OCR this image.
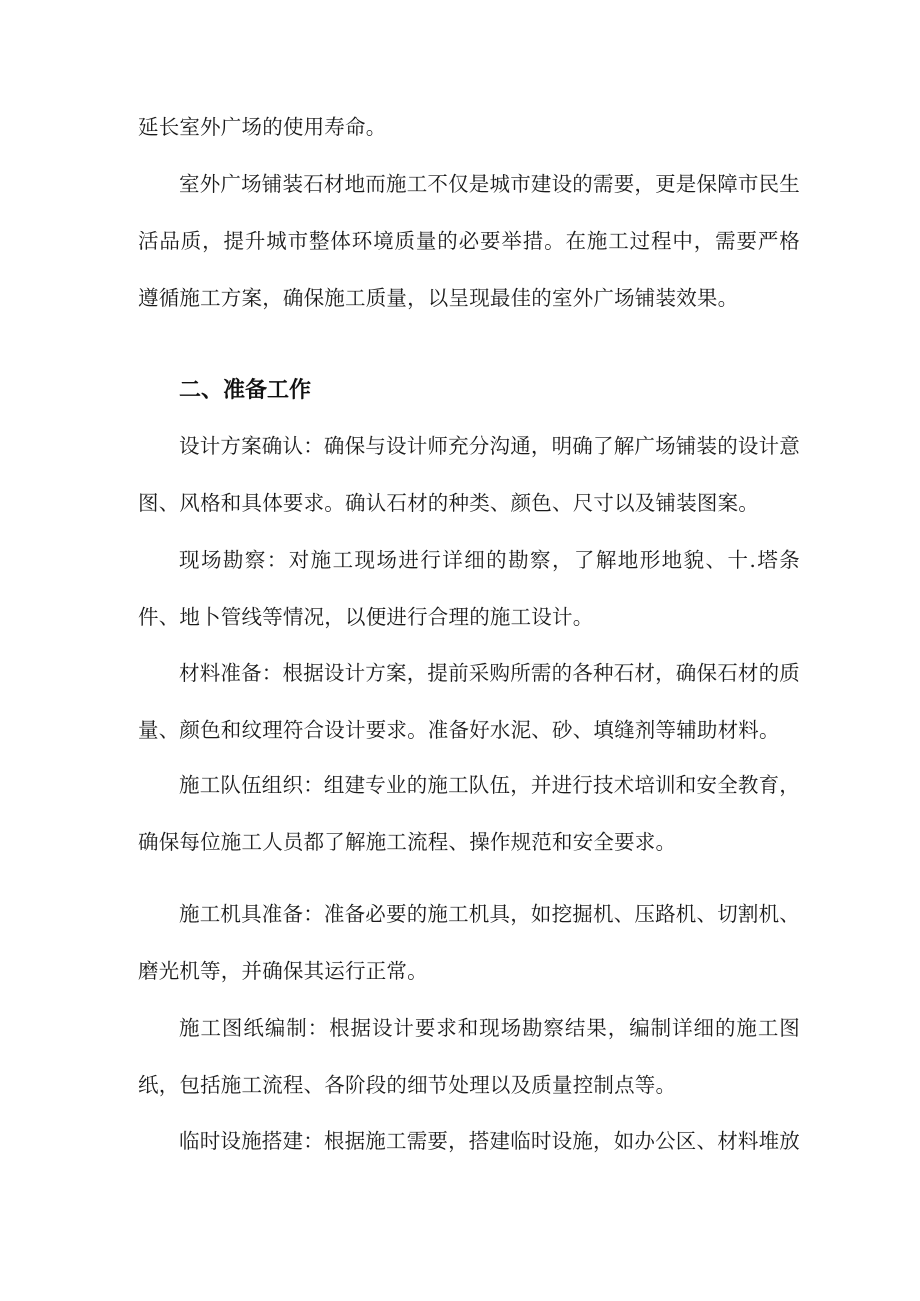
延长室外广场的使用寿命。

室外广场铺装石材地而施工不仅是城市建设的需要，更是保障市民生活品质，提升城市整体环境质量的必要举措。在施工过程中，需要严格遵循施工方案，确保施工质量，以呈现最佳的室外广场铺装效果。

二、准备工作

设计方案确认：确保与设计师充分沟通，明确了解广场铺装的设计意图、风格和具体要求。确认石材的种类、颜色、尺寸以及铺装图案。

现场勘察：对施工现场进行详细的勘察，了解地形地貌、十.塔条件、地卜管线等情况，以便进行合理的施工设计。

材料准备：根据设计方案，提前采购所需的各种石材，确保石材的质量、颜色和纹理符合设计要求。准备好水泥、砂、填缝剂等辅助材料。

施工队伍组织：组建专业的施工队伍，并进行技术培训和安全教育，确保每位施工人员都了解施工流程、操作规范和安全要求。

施工机具准备：准备必要的施工机具，如挖掘机、压路机、切割机、磨光机等，并确保其运行正常。

施工图纸编制：根据设计要求和现场勘察结果，编制详细的施工图纸，包括施工流程、各阶段的细节处理以及质量控制点等。

临时设施搭建：根据施工需要，搭建临时设施，如办公区、材料堆放
